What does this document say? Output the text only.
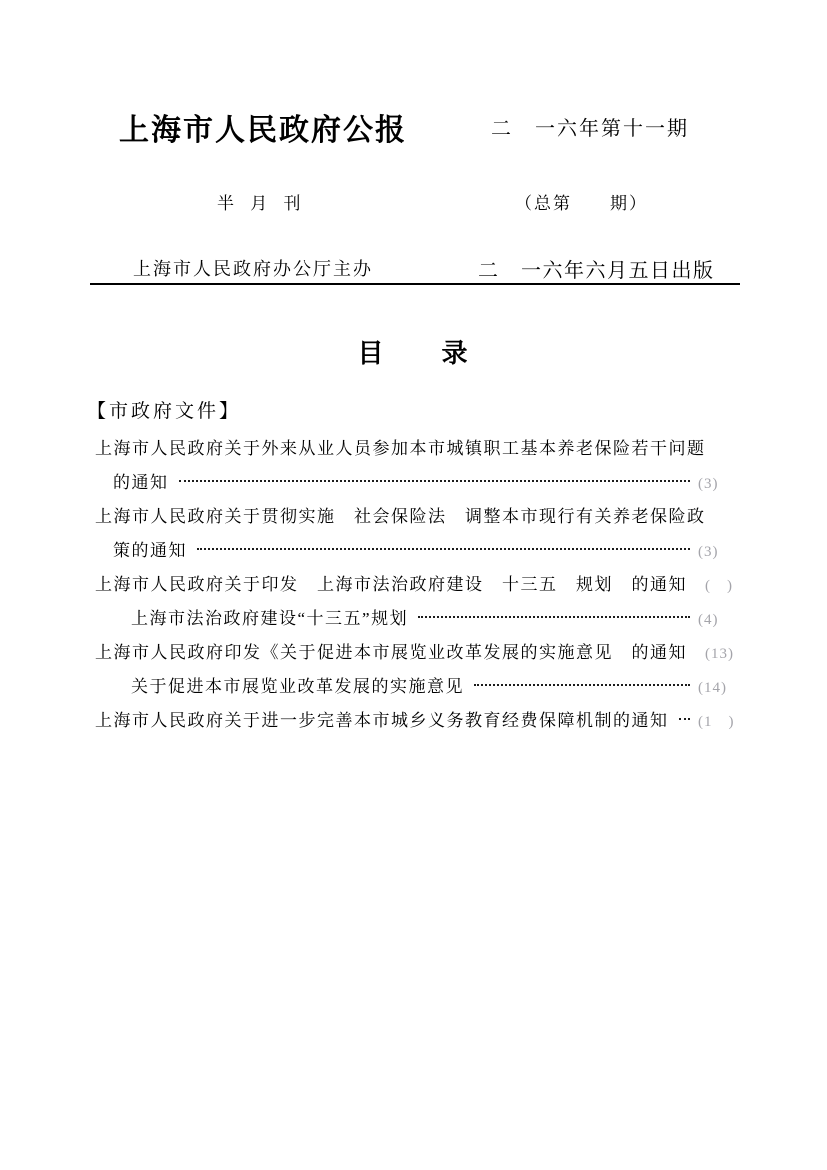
上海市人民政府公报	二　一六年第十一期
半 月 刊	（总第　　期）
上海市人民政府办公厅主办	二　一六年六月五日出版
目　　录
【市政府文件】
上海市人民政府关于外来从业人员参加本市城镇职工基本养老保险若干问题
的通知	(3)
上海市人民政府关于贯彻实施　社会保险法　调整本市现行有关养老保险政
策的通知	(3)
上海市人民政府关于印发　上海市法治政府建设　十三五　规划　的通知 (　)
上海市法治政府建设“十三五”规划	(4)
上海市人民政府印发《关于促进本市展览业改革发展的实施意见　的通知 (13)
关于促进本市展览业改革发展的实施意见	(14)
上海市人民政府关于进一步完善本市城乡义务教育经费保障机制的通知 (1　)
